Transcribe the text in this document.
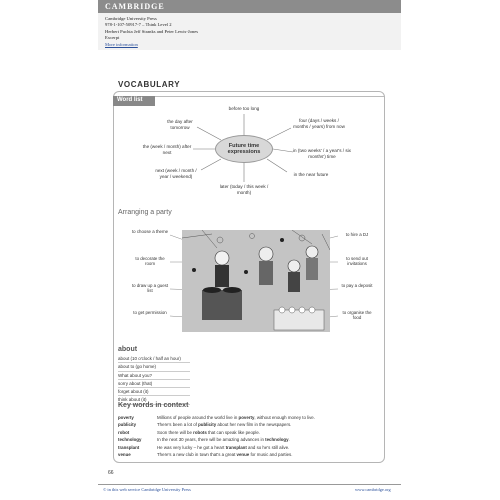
CAMBRIDGE
Cambridge University Press
978-1-107-50917-7 – Think Level 2
Herbert Puchta Jeff Stranks and Peter Lewis-Jones
Excerpt
More information
VOCABULARY
Word list
Future time expressions
before too long
the day after tomorrow
four (days / weeks / months / years) from now
the (week / month) after next	in (two weeks' / a year's / six months') time
next (week / month / year / weekend)	in the near future
later (today / this week / month)
Arranging a party
to choose a theme
to decorate the room
to draw up a guest list
to get permission
to hire a DJ
to send out invitations
to pay a deposit
to organise the food
about
about (10 o'clock / half an hour)
about to (go home)
What about you?
sorry about (that)
forget about (it)
think about (it)
Key words in context
poverty	Millions of people around the world live in poverty, without enough money to live.
publicity	There's been a lot of publicity about her new film in the newspapers.
robot	Soon there will be robots that can speak like people.
technology	In the next 30 years, there will be amazing advances in technology.
transplant	He was very lucky – he got a heart transplant and so he's still alive.
venue	There's a new club in town that's a great venue for music and parties.
66
© in this web service Cambridge University Press	www.cambridge.org
